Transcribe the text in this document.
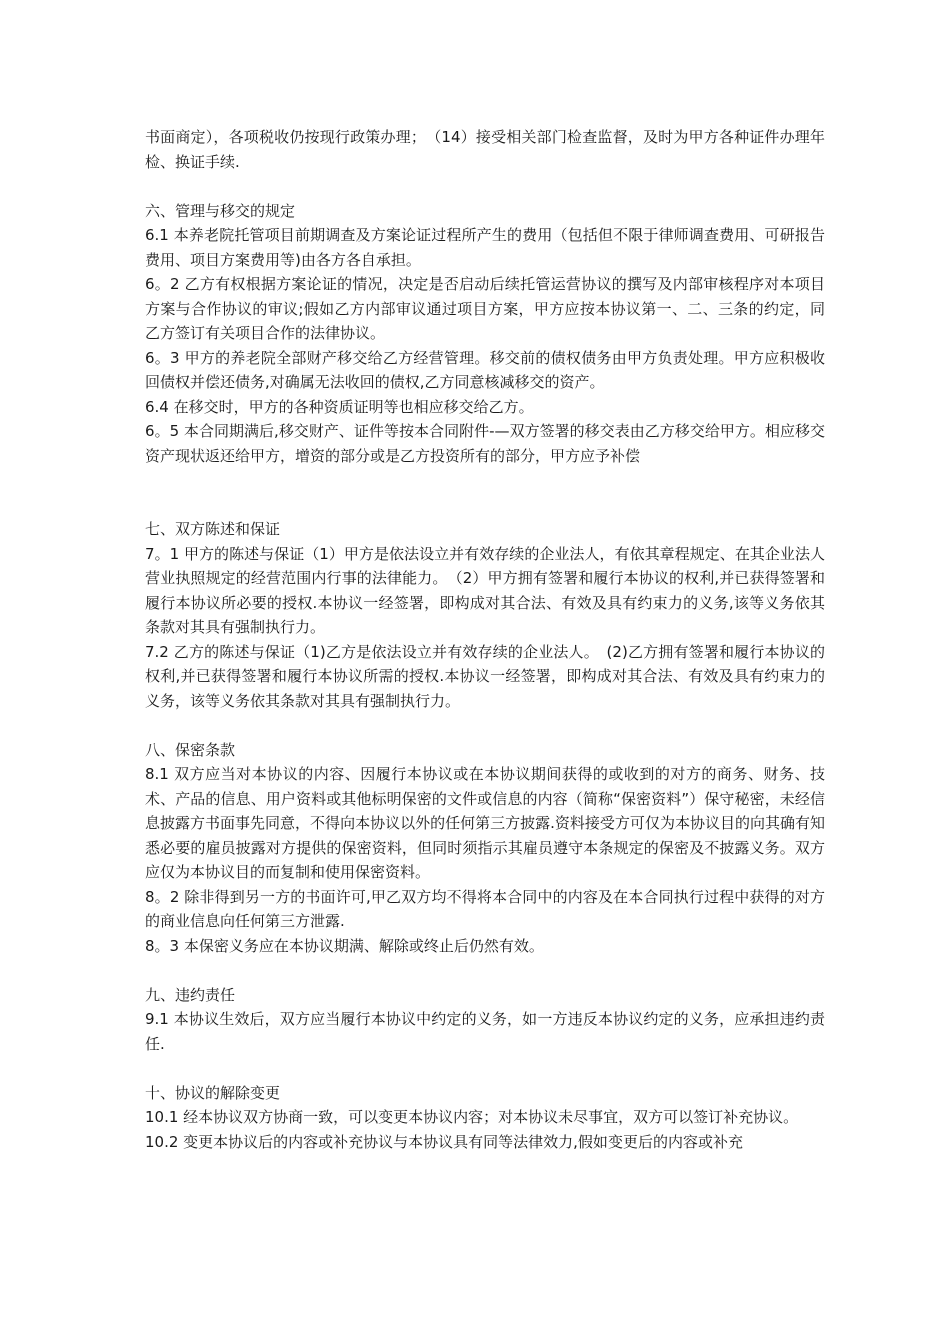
书面商定），各项税收仍按现行政策办理；　（14）接受相关部门检查监督，及时为甲方各种证件办理年检、换证手续.

六、管理与移交的规定

6.1 本养老院托管项目前期调查及方案论证过程所产生的费用（包括但不限于律师调查费用、可研报告费用、项目方案费用等)由各方各自承担。

6。2 乙方有权根据方案论证的情况，决定是否启动后续托管运营协议的撰写及内部审核程序对本项目方案与合作协议的审议;假如乙方内部审议通过项目方案，甲方应按本协议第一、二、三条的约定，同乙方签订有关项目合作的法律协议。

6。3 甲方的养老院全部财产移交给乙方经营管理。移交前的债权债务由甲方负责处理。甲方应积极收回债权并偿还债务,对确属无法收回的债权,乙方同意核减移交的资产。

6.4 在移交时，甲方的各种资质证明等也相应移交给乙方。

6。5 本合同期满后,移交财产、证件等按本合同附件-—双方签署的移交表由乙方移交给甲方。相应移交资产现状返还给甲方，增资的部分或是乙方投资所有的部分，甲方应予补偿

七、双方陈述和保证

7。1 甲方的陈述与保证（1）甲方是依法设立并有效存续的企业法人，有依其章程规定、在其企业法人营业执照规定的经营范围内行事的法律能力。　（2）甲方拥有签署和履行本协议的权利,并已获得签署和履行本协议所必要的授权.本协议一经签署，即构成对其合法、有效及具有约束力的义务,该等义务依其条款对其具有强制执行力。

7.2 乙方的陈述与保证（1)乙方是依法设立并有效存续的企业法人。　(2)乙方拥有签署和履行本协议的权利,并已获得签署和履行本协议所需的授权.本协议一经签署，即构成对其合法、有效及具有约束力的义务，该等义务依其条款对其具有强制执行力。

八、保密条款

8.1 双方应当对本协议的内容、因履行本协议或在本协议期间获得的或收到的对方的商务、财务、技术、产品的信息、用户资料或其他标明保密的文件或信息的内容（简称“保密资料”）保守秘密，未经信息披露方书面事先同意，不得向本协议以外的任何第三方披露.资料接受方可仅为本协议目的向其确有知悉必要的雇员披露对方提供的保密资料，但同时须指示其雇员遵守本条规定的保密及不披露义务。双方应仅为本协议目的而复制和使用保密资料。

8。2 除非得到另一方的书面许可,甲乙双方均不得将本合同中的内容及在本合同执行过程中获得的对方的商业信息向任何第三方泄露.

8。3 本保密义务应在本协议期满、解除或终止后仍然有效。

九、违约责任

9.1 本协议生效后，双方应当履行本协议中约定的义务，如一方违反本协议约定的义务，应承担违约责任.

十、协议的解除变更

10.1 经本协议双方协商一致，可以变更本协议内容；对本协议未尽事宜，双方可以签订补充协议。

10.2 变更本协议后的内容或补充协议与本协议具有同等法律效力,假如变更后的内容或补充
